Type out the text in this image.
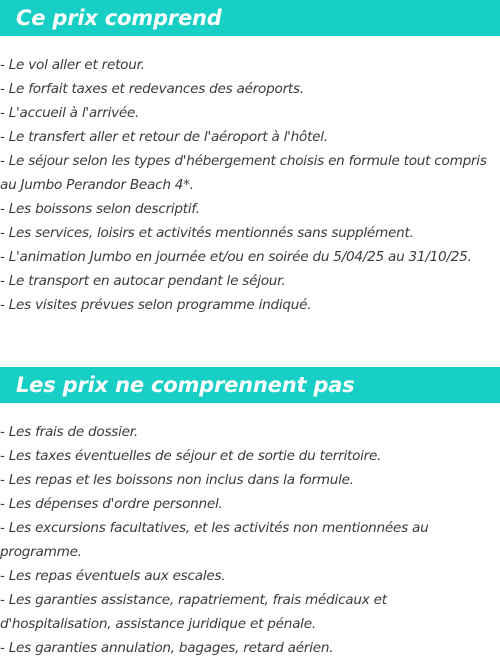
Ce prix comprend
- Le vol aller et retour.
- Le forfait taxes et redevances des aéroports.
- L'accueil à l'arrivée.
- Le transfert aller et retour de l'aéroport à l'hôtel.
- Le séjour selon les types d'hébergement choisis en formule tout compris au Jumbo Perandor Beach 4*.
- Les boissons selon descriptif.
- Les services, loisirs et activités mentionnés sans supplément.
- L'animation Jumbo en journée et/ou en soirée du 5/04/25 au 31/10/25.
- Le transport en autocar pendant le séjour.
- Les visites prévues selon programme indiqué.
Les prix ne comprennent pas
- Les frais de dossier.
- Les taxes éventuelles de séjour et de sortie du territoire.
- Les repas et les boissons non inclus dans la formule.
- Les dépenses d'ordre personnel.
- Les excursions facultatives, et les activités non mentionnées au programme.
- Les repas éventuels aux escales.
- Les garanties assistance, rapatriement, frais médicaux et d'hospitalisation, assistance juridique et pénale.
- Les garanties annulation, bagages, retard aérien.
